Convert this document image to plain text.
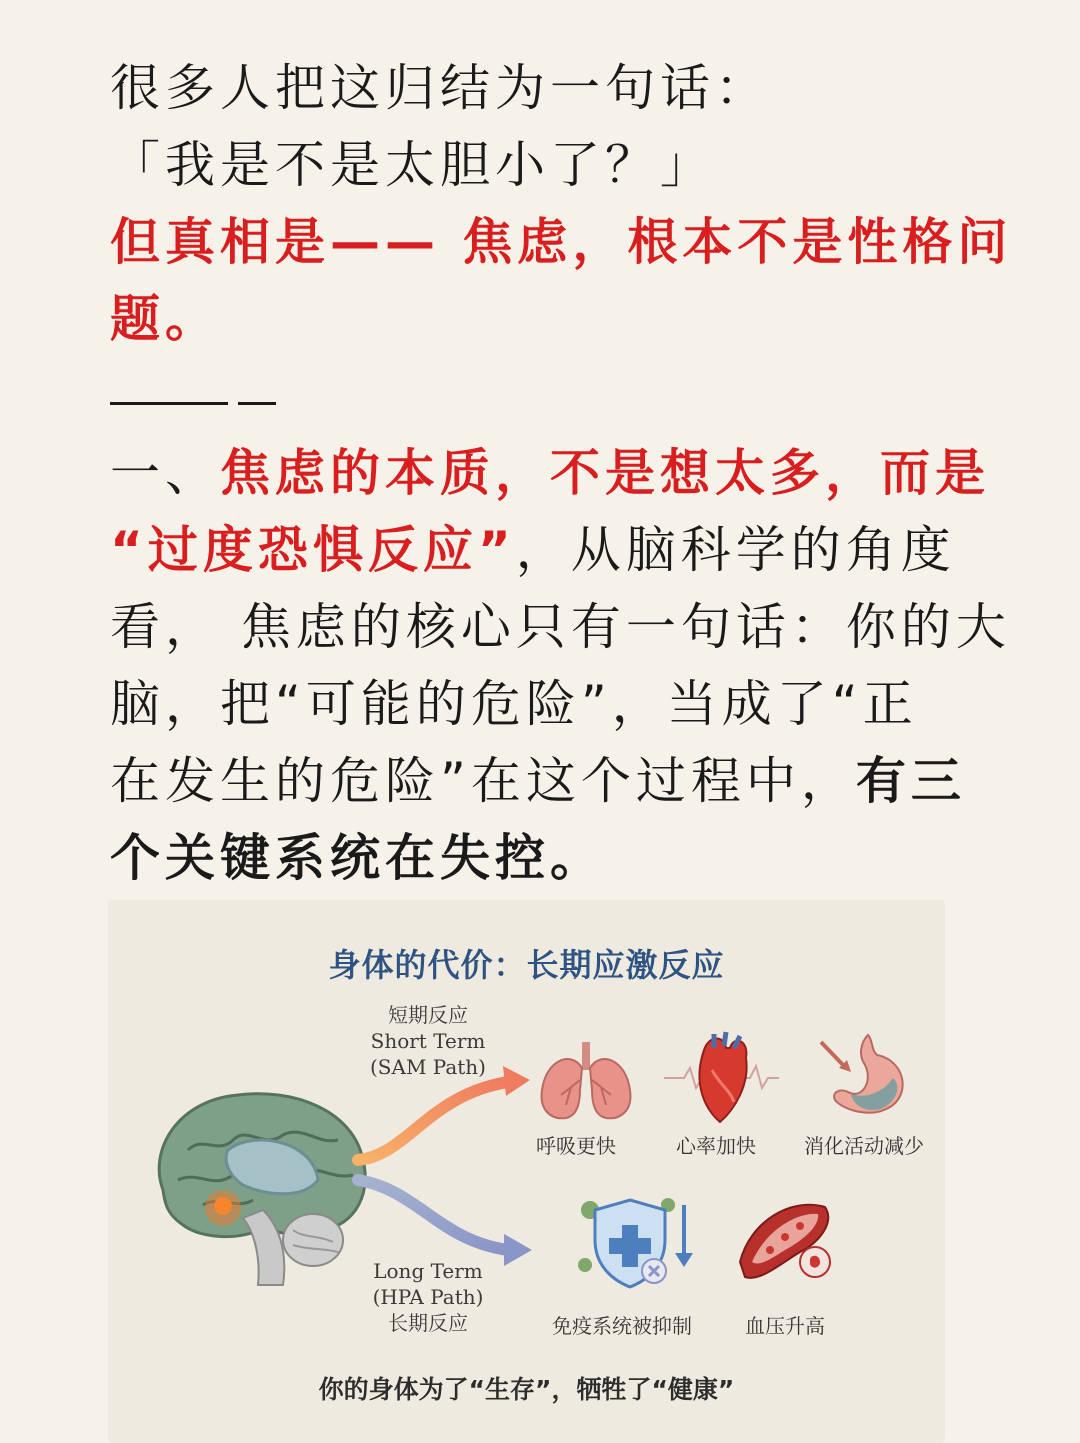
很多人把这归结为一句话：
「我是不是太胆小了？」
但真相是—— 焦虑，根本不是性格问
题。
一、焦虑的本质，不是想太多，而是
“过度恐惧反应”，从脑科学的角度
看， 焦虑的核心只有一句话：你的大
脑，把“可能的危险”，当成了“正
在发生的危险”在这个过程中，有三
个关键系统在失控。
身体的代价：长期应激反应
短期反应
Short Term
(SAM Path)
Long Term
(HPA Path)
长期反应
呼吸更快	心率加快 消化活动减少
免疫系统被抑制	血压升高
你的身体为了“生存”，牺牲了“健康”
